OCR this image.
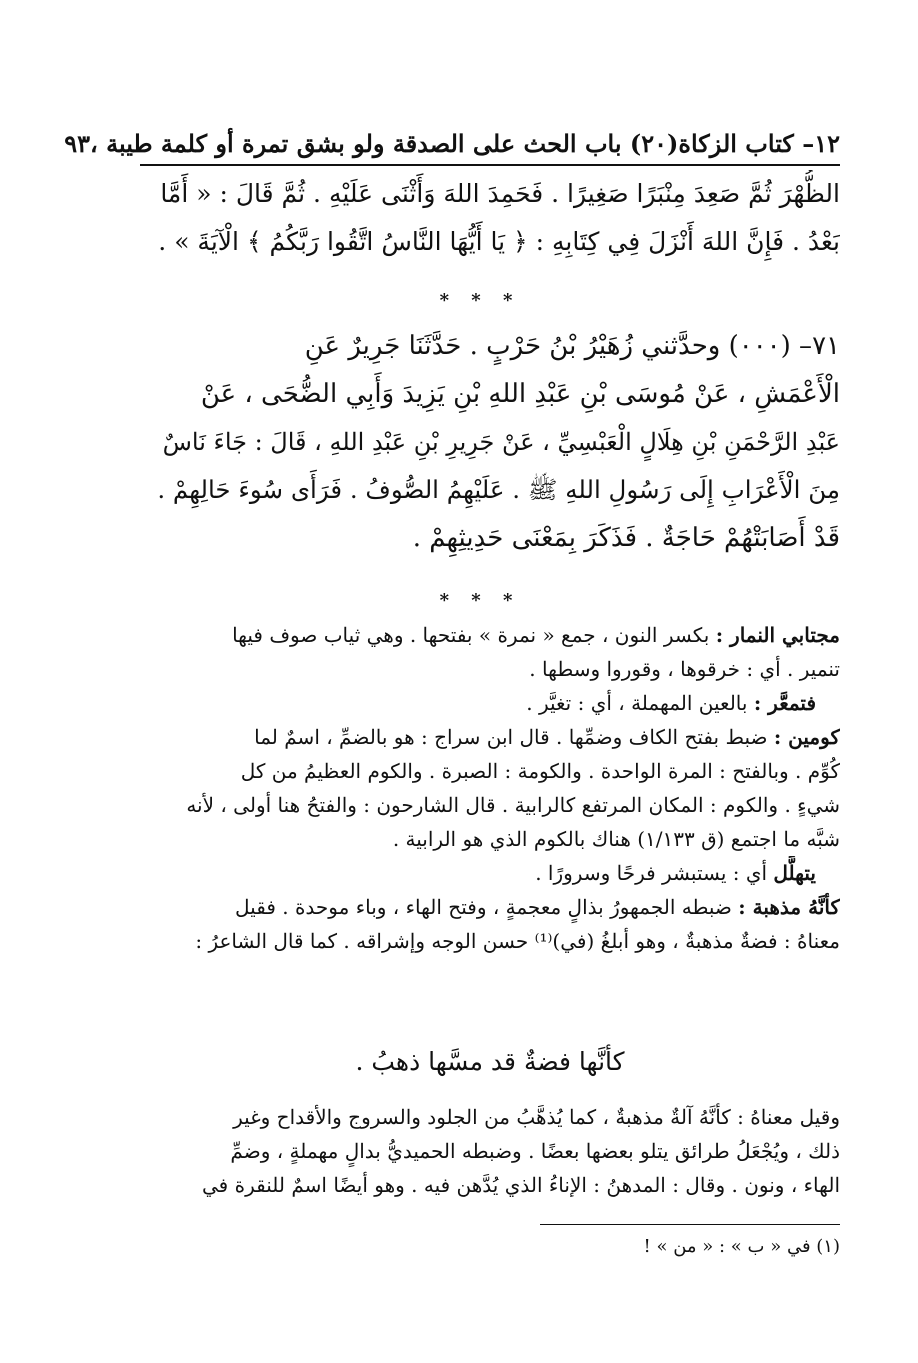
١٢– كتاب الزكاة
(٢٠) باب الحث على الصدقة ولو بشق تمرة أو كلمة طيبة ،
٩٣
الظُّهْرَ ثُمَّ صَعِدَ مِنْبَرًا صَغِيرًا . فَحَمِدَ اللهَ وَأَثْنَى عَلَيْهِ . ثُمَّ قَالَ : « أَمَّا
بَعْدُ . فَإِنَّ اللهَ أَنْزَلَ فِي كِتَابِهِ : ﴿ يَا أَيُّهَا النَّاسُ اتَّقُوا رَبَّكُمُ ﴾ الْآيَةَ » .
* * *
٧١– (٠٠٠) وحدَّثني زُهَيْرُ بْنُ حَرْبٍ . حَدَّثَنَا جَرِيرٌ عَنِ
الْأَعْمَشِ ، عَنْ مُوسَى بْنِ عَبْدِ اللهِ بْنِ يَزِيدَ وَأَبِي الضُّحَى ، عَنْ
عَبْدِ الرَّحْمَنِ بْنِ هِلَالٍ الْعَبْسِيِّ ، عَنْ جَرِيرِ بْنِ عَبْدِ اللهِ ، قَالَ : جَاءَ نَاسٌ
مِنَ الْأَعْرَابِ إِلَى رَسُولِ اللهِ ﷺ . عَلَيْهِمُ الصُّوفُ . فَرَأَى سُوءَ حَالِهِمْ .
قَدْ أَصَابَتْهُمْ حَاجَةٌ . فَذَكَرَ بِمَعْنَى حَدِيثِهِمْ .
* * *
مجتابي النمار : بكسر النون ، جمع « نمرة » بفتحها . وهي ثياب صوف فيها
تنمير . أي : خرقوها ، وقوروا وسطها .
فتمعَّر : بالعين المهملة ، أي : تغيَّر .
كومين : ضبط بفتح الكاف وضمِّها . قال ابن سراج : هو بالضمِّ ، اسمٌ لما
كُوِّم . وبالفتح : المرة الواحدة . والكومة : الصبرة . والكوم العظيمُ من كل
شيءٍ . والكوم : المكان المرتفع كالرابية . قال الشارحون : والفتحُ هنا أولى ، لأنه
شبَّه ما اجتمع (ق ١/١٣٣) هناك بالكوم الذي هو الرابية .
يتهلَّل أي : يستبشر فرحًا وسرورًا .
كأنَّهُ مذهبة : ضبطه الجمهورُ بذالٍ معجمةٍ ، وفتح الهاء ، وباء موحدة . فقيل
معناهُ : فضةٌ مذهبةٌ ، وهو أبلغُ (في)⁽¹⁾ حسن الوجه وإشراقه . كما قال الشاعرُ :
كأنَّها فضةٌ قد مسَّها ذهبُ .
وقيل معناهُ : كأنَّهُ آلةٌ مذهبةٌ ، كما يُذهَّبُ من الجلود والسروج والأقداح وغير
ذلك ، ويُجْعَلُ طرائق يتلو بعضها بعضًا . وضبطه الحميديُّ بدالٍ مهملةٍ ، وضمِّ
الهاء ، ونون . وقال : المدهنُ : الإناءُ الذي يُدَّهن فيه . وهو أيضًا اسمٌ للنقرة في
(١) في « ب » : « من » !
